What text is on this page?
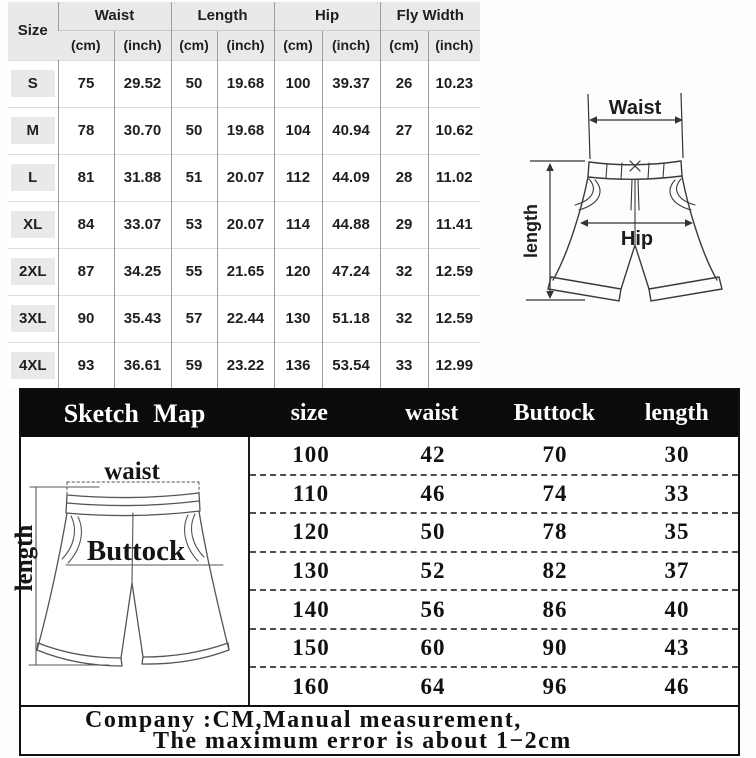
Size	Waist		Length		Hip		Fly Width	
	(cm)	(inch)	(cm)	(inch)	(cm)	(inch)	(cm)	(inch)
S	75	29.52	50	19.68	100	39.37	26	10.23
M	78	30.70	50	19.68	104	40.94	27	10.62
L	81	31.88	51	20.07	112	44.09	28	11.02
XL	84	33.07	53	20.07	114	44.88	29	11.41
2XL	87	34.25	55	21.65	120	47.24	32	12.59
3XL	90	35.43	57	22.44	130	51.18	32	12.59
4XL	93	36.61	59	23.22	136	53.54	33	12.99
Waist
length	Hip
Sketch Map	size	waist	Buttock	length
waist
length Buttock
100	42	70	30
110	46	74	33
120	50	78	35
130	52	82	37
140	56	86	40
150	60	90	43
160	64	96	46
Company :CM,Manual measurement,
The maximum error is about 1−2cm
